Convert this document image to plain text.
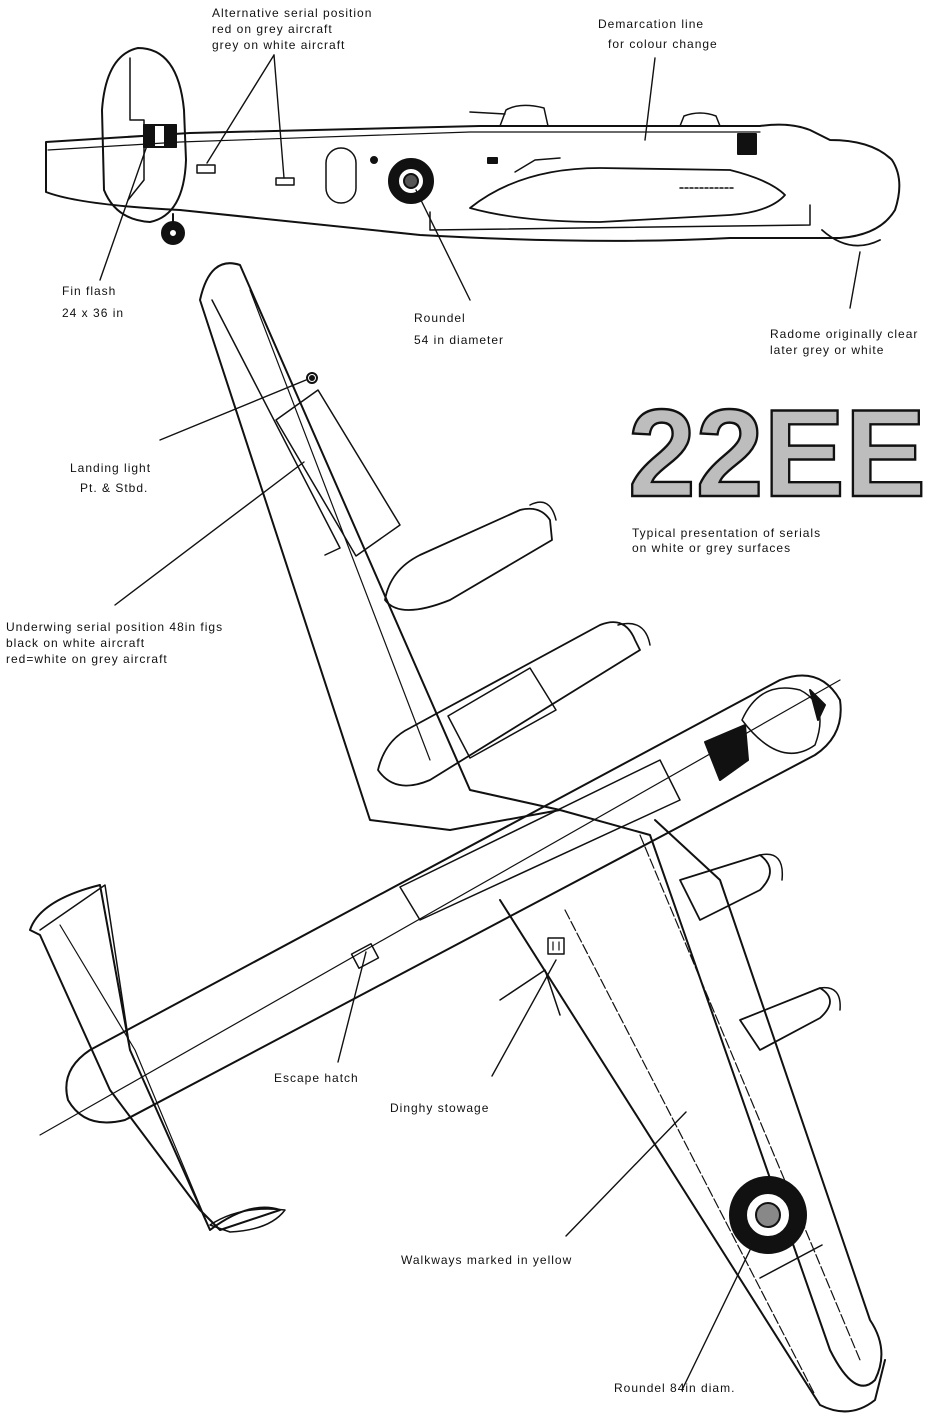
22EE
Alternative serial position
red on grey aircraft
grey on white aircraft
Demarcation line
for colour change
Fin flash
24 x 36 in	Roundel
54 in diameter	Radome originally clear
later grey or white
Landing light
Pt. & Stbd.
Typical presentation of serials
on white or grey surfaces
Underwing serial position 48in figs
black on white aircraft
red=white on grey aircraft
Escape hatch
Dinghy stowage
Walkways marked in yellow
Roundel 84in diam.
